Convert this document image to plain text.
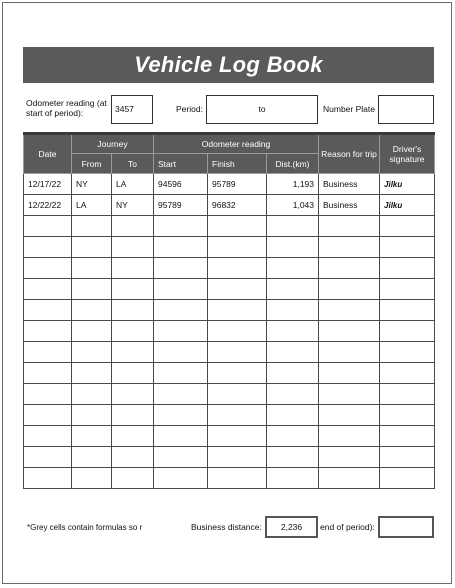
Vehicle Log Book
Odometer reading (at
start of period):	3457	Period:	to	Number Plate
Date	Journey		Odometer reading			Reason for trip	Driver's
signature

	From	To	Start	Finish	Dist.(km)		
12/17/22	NY	LA	94596	95789	1,193	Business	Jilku
12/22/22	LA	NY	95789	96832	1,043	Business	Jilku

*Grey cells contain formulas so r	Business distance:	2,236	end of period):
